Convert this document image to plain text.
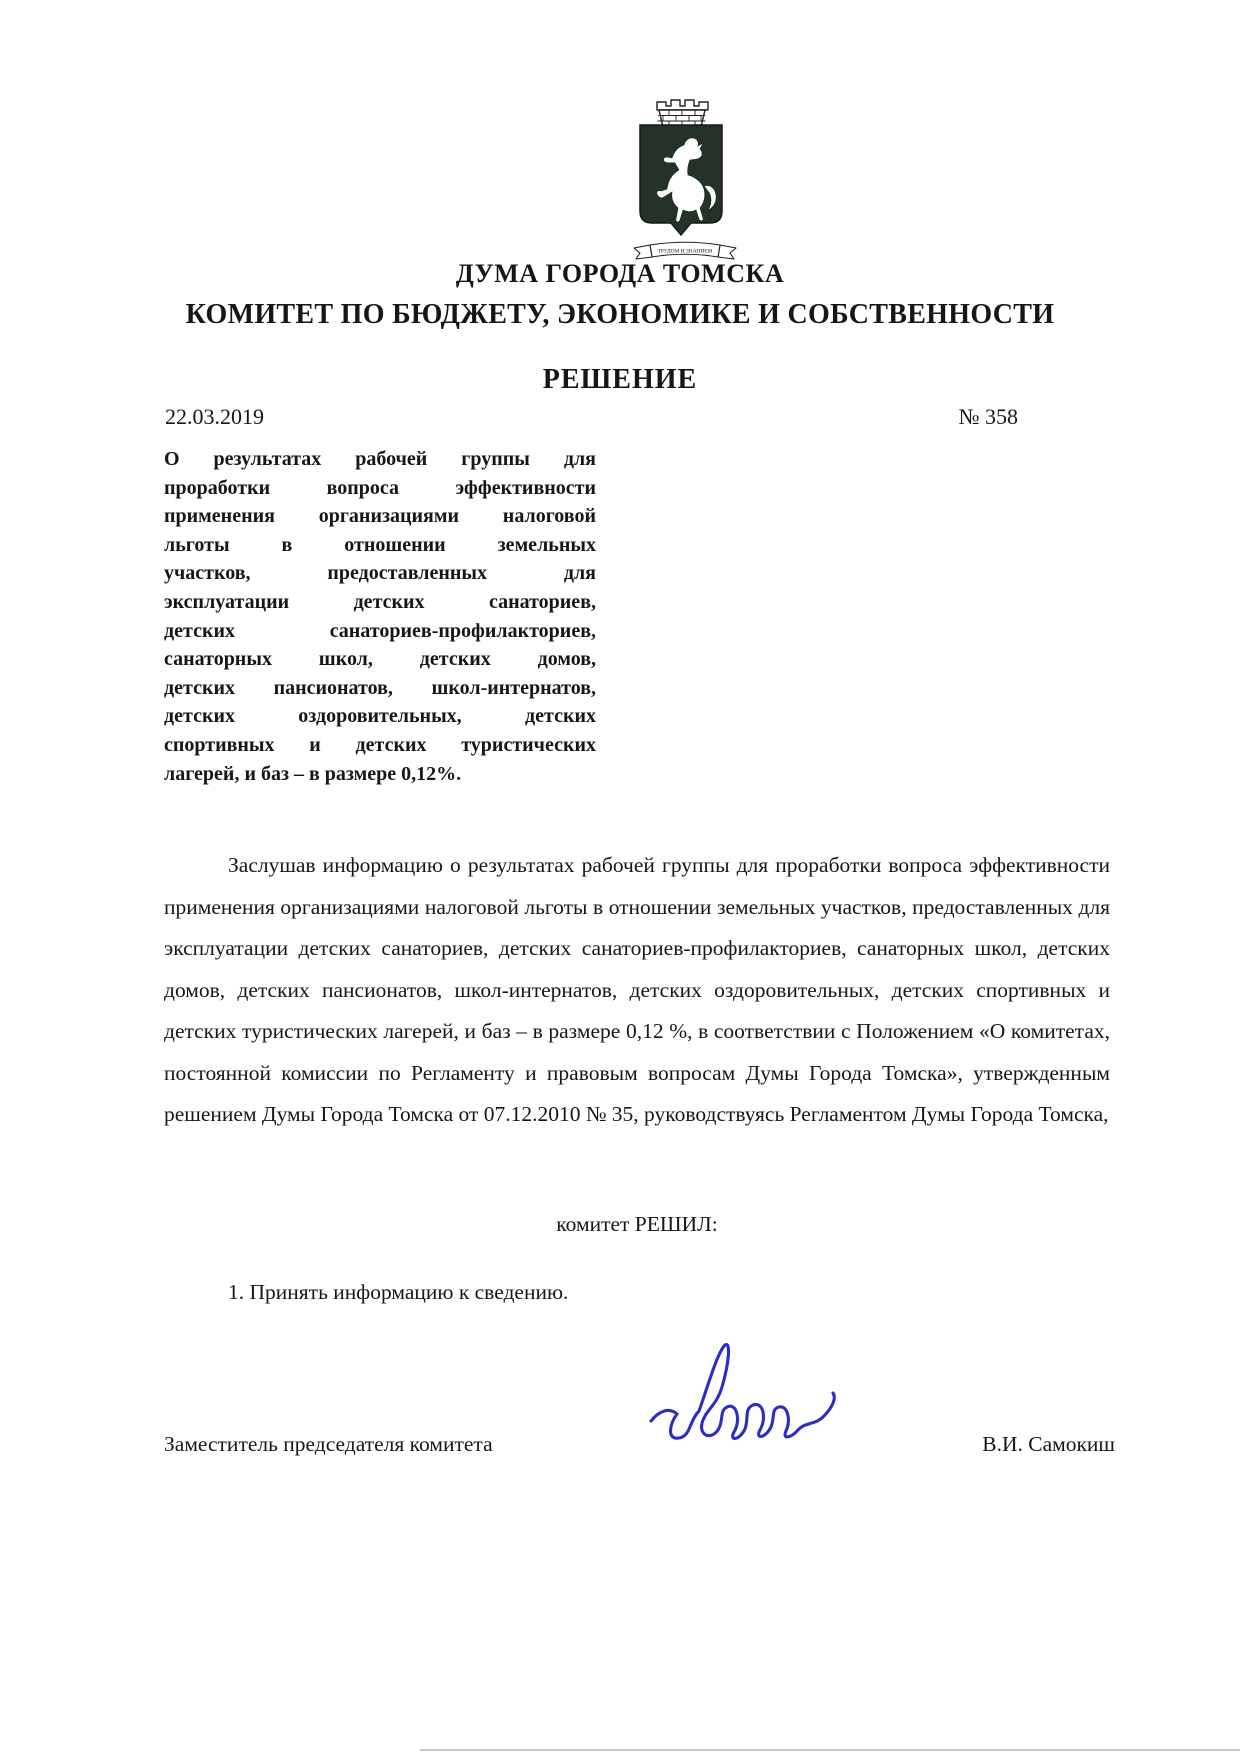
ТРУДОМ И ЗНАНИЕМ
ДУМА ГОРОДА ТОМСКА
КОМИТЕТ ПО БЮДЖЕТУ, ЭКОНОМИКЕ И СОБСТВЕННОСТИ
РЕШЕНИЕ
22.03.2019	№ 358
О результатах рабочей группы для
проработки вопроса эффективности
применения организациями налоговой
льготы в отношении земельных
участков, предоставленных для
эксплуатации детских санаториев,
детских санаториев-профилакториев,
санаторных школ, детских домов,
детских пансионатов, школ-интернатов,
детских оздоровительных, детских
спортивных и детских туристических
лагерей, и баз – в размере 0,12%.
Заслушав информацию о результатах рабочей группы для проработки вопроса эффективности применения организациями налоговой льготы в отношении земельных участков, предоставленных для эксплуатации детских санаториев, детских санаториев-профилакториев, санаторных школ, детских домов, детских пансионатов, школ-интернатов, детских оздоровительных, детских спортивных и детских туристических лагерей, и баз – в размере 0,12 %, в соответствии с Положением «О комитетах, постоянной комиссии по Регламенту и правовым вопросам Думы Города Томска», утвержденным решением Думы Города Томска от 07.12.2010 № 35, руководствуясь Регламентом Думы Города Томска,
комитет РЕШИЛ:
1. Принять информацию к сведению.
Заместитель председателя комитета	В.И. Самокиш
